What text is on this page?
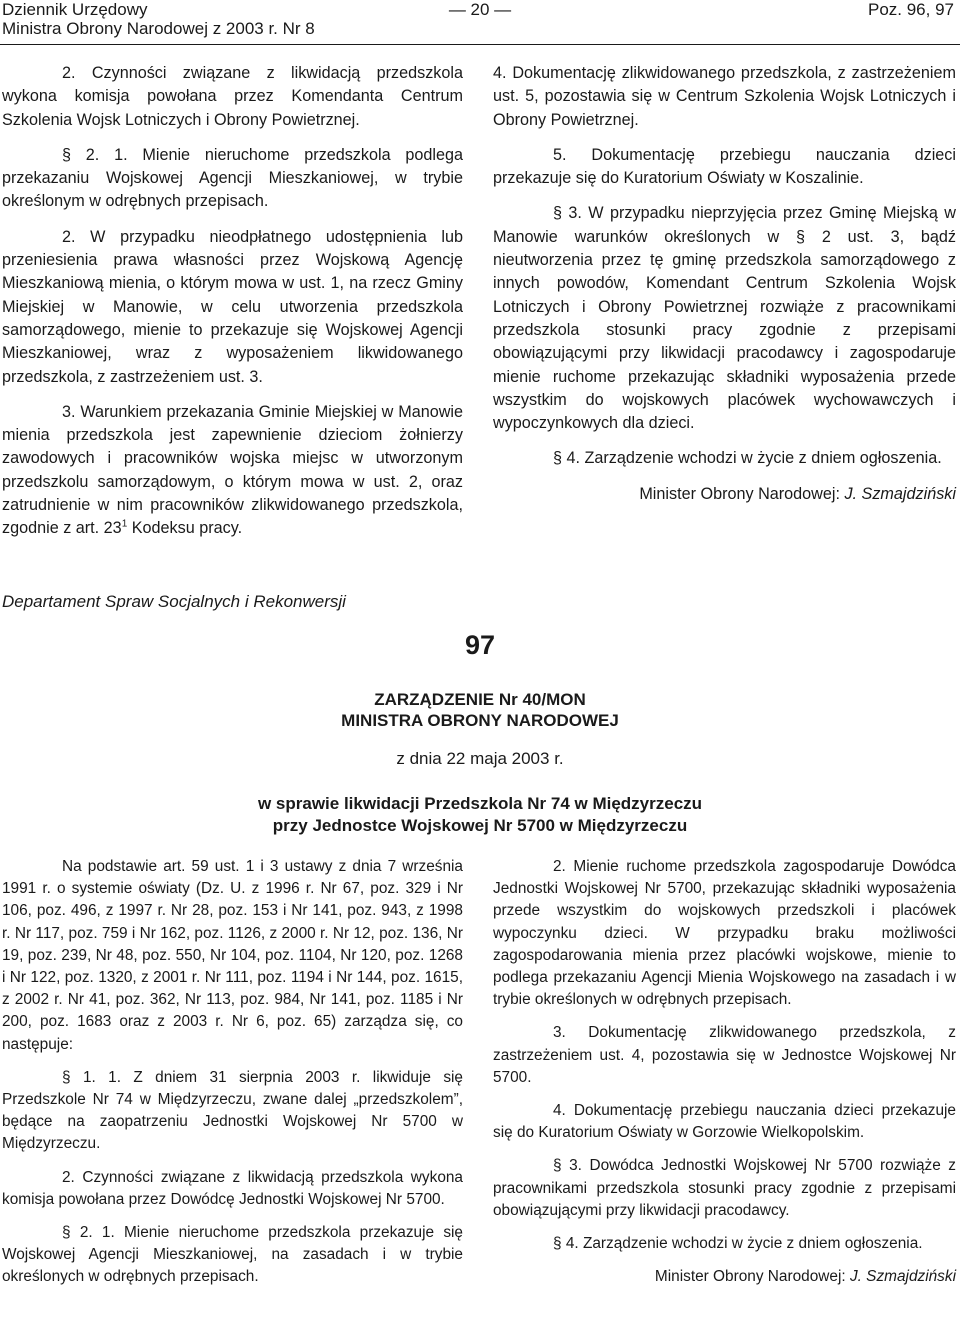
Dziennik Urzędowy
Ministra Obrony Narodowej z 2003 r. Nr 8
— 20 —	Poz. 96, 97

2. Czynności związane z likwidacją przedszkola wykona komisja powołana przez Komendanta Centrum Szkolenia Wojsk Lotniczych i Obrony Powietrznej.

§ 2. 1. Mienie nieruchome przedszkola podlega przekazaniu Wojskowej Agencji Mieszkaniowej, w trybie określonym w odrębnych przepisach.

2. W przypadku nieodpłatnego udostępnienia lub przeniesienia prawa własności przez Wojskową Agencję Mieszkaniową mienia, o którym mowa w ust. 1, na rzecz Gminy Miejskiej w Manowie, w celu utworzenia przedszkola samorządowego, mienie to przekazuje się Wojskowej Agencji Mieszkaniowej, wraz z wyposażeniem likwidowanego przedszkola, z zastrzeżeniem ust. 3.

3. Warunkiem przekazania Gminie Miejskiej w Manowie mienia przedszkola jest zapewnienie dzieciom żołnierzy zawodowych i pracowników wojska miejsc w utworzonym przedszkolu samorządowym, o którym mowa w ust. 2, oraz zatrudnienie w nim pracowników zlikwidowanego przedszkola, zgodnie z art. $23^1$ Kodeksu pracy.

4. Dokumentację zlikwidowanego przedszkola, z zastrzeżeniem ust. 5, pozostawia się w Centrum Szkolenia Wojsk Lotniczych i Obrony Powietrznej.

5. Dokumentację przebiegu nauczania dzieci przekazuje się do Kuratorium Oświaty w Koszalinie.

§ 3. W przypadku nieprzyjęcia przez Gminę Miejską w Manowie warunków określonych w § 2 ust. 3, bądź nieutworzenia przez tę gminę przedszkola samorządowego z innych powodów, Komendant Centrum Szkolenia Wojsk Lotniczych i Obrony Powietrznej rozwiąże z pracownikami przedszkola stosunki pracy zgodnie z przepisami obowiązującymi przy likwidacji pracodawcy i zagospodaruje mienie ruchome przekazując składniki wyposażenia przede wszystkim do wojskowych placówek wychowawczych i wypoczynkowych dla dzieci.

§ 4. Zarządzenie wchodzi w życie z dniem ogłoszenia.

Minister Obrony Narodowej: J. Szmajdziński

Departament Spraw Socjalnych i Rekonwersji
97
ZARZĄDZENIE Nr 40/MON
MINISTRA OBRONY NARODOWEJ
z dnia 22 maja 2003 r.
w sprawie likwidacji Przedszkola Nr 74 w Międzyrzeczu
przy Jednostce Wojskowej Nr 5700 w Międzyrzeczu

Na podstawie art. 59 ust. 1 i 3 ustawy z dnia 7 września 1991 r. o systemie oświaty (Dz. U. z 1996 r. Nr 67, poz. 329 i Nr 106, poz. 496, z 1997 r. Nr 28, poz. 153 i Nr 141, poz. 943, z 1998 r. Nr 117, poz. 759 i Nr 162, poz. 1126, z 2000 r. Nr 12, poz. 136, Nr 19, poz. 239, Nr 48, poz. 550, Nr 104, poz. 1104, Nr 120, poz. 1268 i Nr 122, poz. 1320, z 2001 r. Nr 111, poz. 1194 i Nr 144, poz. 1615, z 2002 r. Nr 41, poz. 362, Nr 113, poz. 984, Nr 141, poz. 1185 i Nr 200, poz. 1683 oraz z 2003 r. Nr 6, poz. 65) zarządza się, co następuje:

§ 1. 1. Z dniem 31 sierpnia 2003 r. likwiduje się Przedszkole Nr 74 w Międzyrzeczu, zwane dalej „przedszkolem”, będące na zaopatrzeniu Jednostki Wojskowej Nr 5700 w Międzyrzeczu.

2. Czynności związane z likwidacją przedszkola wykona komisja powołana przez Dowódcę Jednostki Wojskowej Nr 5700.

§ 2. 1. Mienie nieruchome przedszkola przekazuje się Wojskowej Agencji Mieszkaniowej, na zasadach i w trybie określonych w odrębnych przepisach.

2. Mienie ruchome przedszkola zagospodaruje Dowódca Jednostki Wojskowej Nr 5700, przekazując składniki wyposażenia przede wszystkim do wojskowych przedszkoli i placówek wypoczynku dzieci. W przypadku braku możliwości zagospodarowania mienia przez placówki wojskowe, mienie to podlega przekazaniu Agencji Mienia Wojskowego na zasadach i w trybie określonych w odrębnych przepisach.

3. Dokumentację zlikwidowanego przedszkola, z zastrzeżeniem ust. 4, pozostawia się w Jednostce Wojskowej Nr 5700.

4. Dokumentację przebiegu nauczania dzieci przekazuje się do Kuratorium Oświaty w Gorzowie Wielkopolskim.

§ 3. Dowódca Jednostki Wojskowej Nr 5700 rozwiąże z pracownikami przedszkola stosunki pracy zgodnie z przepisami obowiązującymi przy likwidacji pracodawcy.

§ 4. Zarządzenie wchodzi w życie z dniem ogłoszenia.

Minister Obrony Narodowej: J. Szmajdziński
